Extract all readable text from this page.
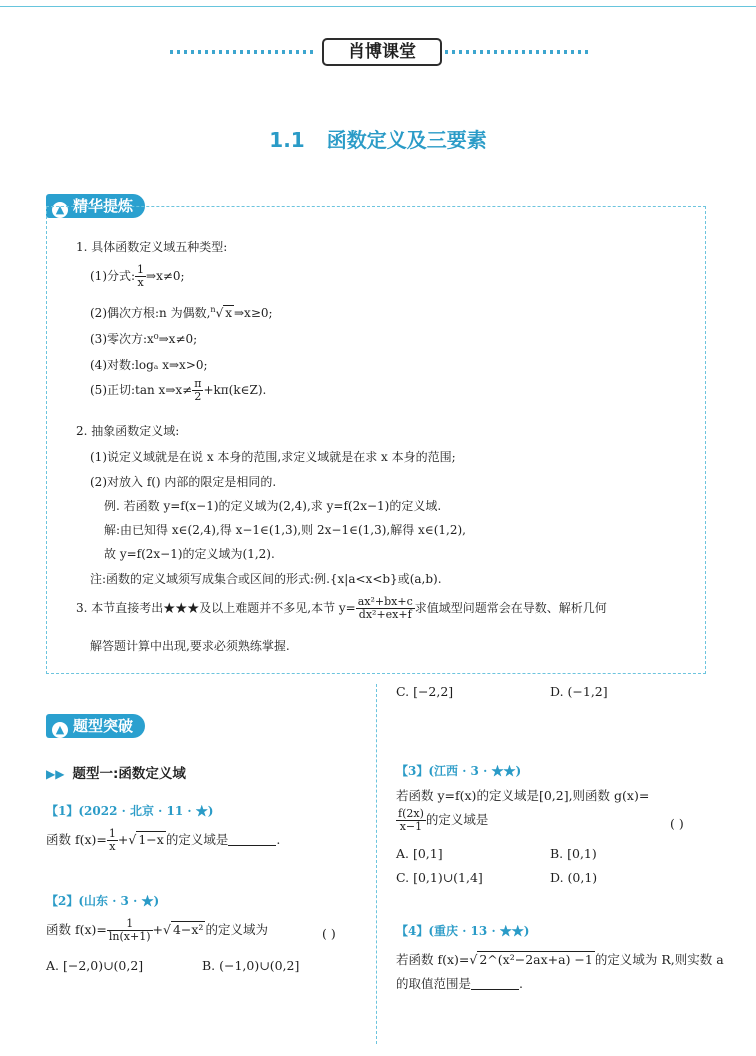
肖博课堂
1.1 函数定义及三要素
▲ 精华提炼
1. 具体函数定义域五种类型:
(1)分式: $\frac{1}{x}$ ⇒x≠0;
(2)偶次方根:n 为偶数,$^n$√ x ⇒x≥0;
(3)零次方:x⁰⇒x≠0;
(4)对数:logₐ x⇒x>0;
(5)正切:tan x⇒x≠ $\frac{\pi}{2}$ +kπ(k∈Z).
2. 抽象函数定义域:
(1)说定义域就是在说 x 本身的范围,求定义域就是在求 x 本身的范围;
(2)对放入 f() 内部的限定是相同的.
例. 若函数 y=f(x−1)的定义域为(2,4),求 y=f(2x−1)的定义域.
解:由已知得 x∈(2,4),得 x−1∈(1,3),则 2x−1∈(1,3),解得 x∈(1,2),
故 y=f(2x−1)的定义域为(1,2).
注:函数的定义域须写成集合或区间的形式:例.{x|a<x<b}或(a,b).
3. 本节直接考出★★★及以上难题并不多见,本节 $y= \frac{\text{ax²+bx+c}}{\text{dx²+ex+f}}$ 求值域型问题常会在导数、解析几何
解答题计算中出现,要求必须熟练掌握.
▲ 题型突破
▶▶ 题型一:函数定义域
【1】(2022 · 北京 · 11 · ★)
函数 $f(x)= \frac{1}{x}$ +√ 1−x 的定义域是	.
【2】(山东 · 3 · ★)
函数 $f(x)= \frac{1}{\ln(x+1)}$ +√ 4−x² 的定义域为	( )
A. [−2,0)∪(0,2]	B. (−1,0)∪(0,2]
C. [−2,2]	D. (−1,2]
【3】(江西 · 3 · ★★)
若函数 y=f(x)的定义域是[0,2],则函数 g(x)=
$\frac{f(2x)}{x-1}$ 的定义域是	( )
A. [0,1]	B. [0,1)
C. [0,1)∪(1,4]	D. (0,1)
【4】(重庆 · 13 · ★★)
若函数 f(x)=√ 2^(x²−2ax+a) −1 的定义域为 R,则实数 a
的取值范围是	.
